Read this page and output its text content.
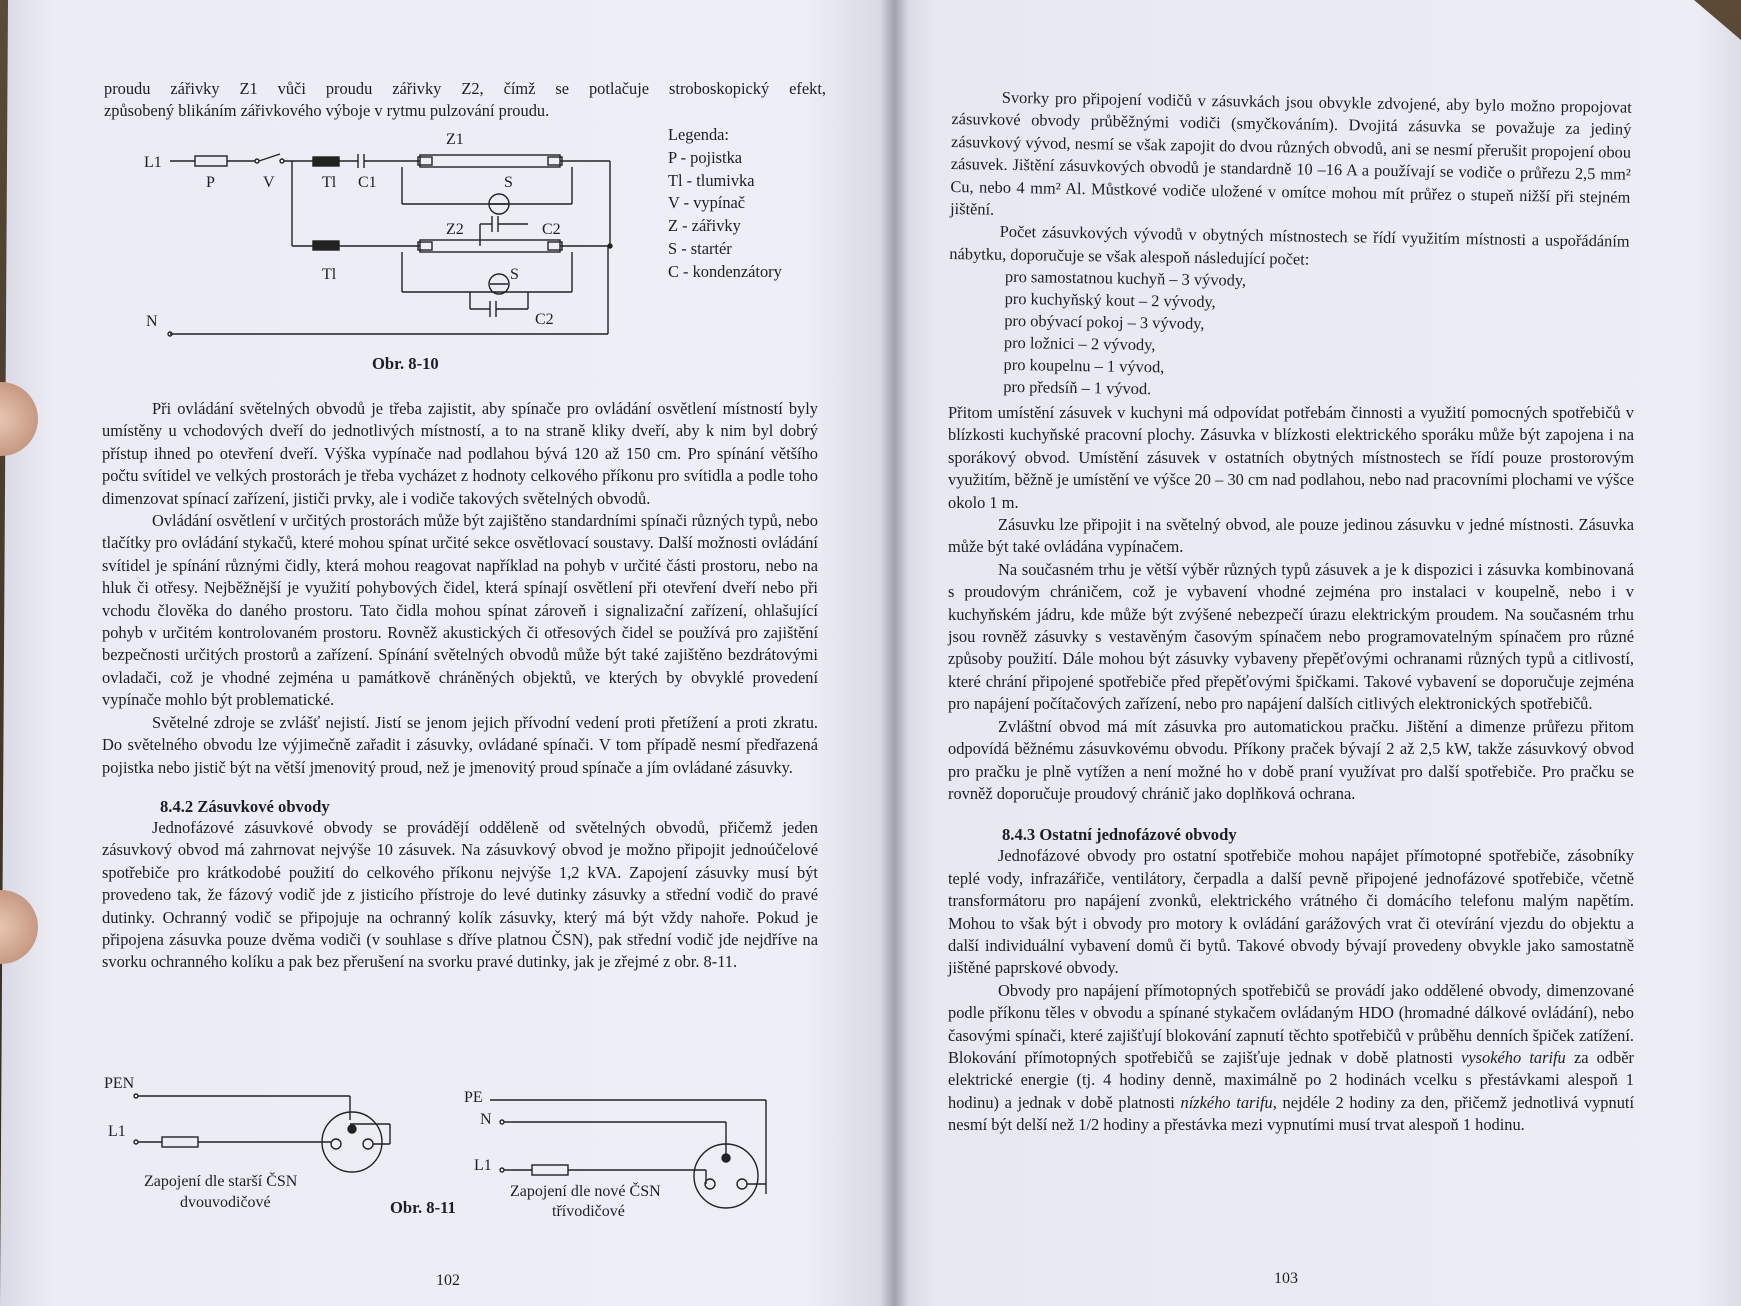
proudu zářivky Z1 vůči proudu zářivky Z2, čímž se potlačuje stroboskopický efekt,

způsobený blikáním zářivkového výboje v rytmu pulzování proudu.

L1
P	V	Tl C1
Z1
S
Z2	C2
Tl	S
C2
N
Legenda:
P - pojistka
Tl - tlumivka
V - vypínač
Z - zářivky
S - startér
C - kondenzátory
Obr. 8-10

Při ovládání světelných obvodů je třeba zajistit, aby spínače pro ovládání osvětlení místností byly umístěny u vchodových dveří do jednotlivých místností, a to na straně kliky dveří, aby k nim byl dobrý přístup ihned po otevření dveří. Výška vypínače nad podlahou bývá 120 až 150 cm. Pro spínání většího počtu svítidel ve velkých prostorách je třeba vycházet z hodnoty celkového příkonu pro svítidla a podle toho dimenzovat spínací zařízení, jističi prvky, ale i vodiče takových světelných obvodů.

Ovládání osvětlení v určitých prostorách může být zajištěno standardními spínači různých typů, nebo tlačítky pro ovládání stykačů, které mohou spínat určité sekce osvětlovací soustavy. Další možnosti ovládání svítidel je spínání různými čidly, která mohou reagovat například na pohyb v určité části prostoru, nebo na hluk či otřesy. Nejběžnější je využití pohybových čidel, která spínají osvětlení při otevření dveří nebo při vchodu člověka do daného prostoru. Tato čidla mohou spínat zároveň i signalizační zařízení, ohlašující pohyb v určitém kontrolovaném prostoru. Rovněž akustických či otřesových čidel se používá pro zajištění bezpečnosti určitých prostorů a zařízení. Spínání světelných obvodů může být také zajištěno bezdrátovými ovladači, což je vhodné zejména u památkově chráněných objektů, ve kterých by obvyklé provedení vypínače mohlo být problematické.

Světelné zdroje se zvlášť nejistí. Jistí se jenom jejich přívodní vedení proti přetížení a proti zkratu. Do světelného obvodu lze výjimečně zařadit i zásuvky, ovládané spínači. V tom případě nesmí předřazená pojistka nebo jistič být na větší jmenovitý proud, než je jmenovitý proud spínače a jím ovládané zásuvky.

8.4.2 Zásuvkové obvody

Jednofázové zásuvkové obvody se provádějí odděleně od světelných obvodů, přičemž jeden zásuvkový obvod má zahrnovat nejvýše 10 zásuvek. Na zásuvkový obvod je možno připojit jednoúčelové spotřebiče pro krátkodobé použití do celkového příkonu nejvýše 1,2 kVA. Zapojení zásuvky musí být provedeno tak, že fázový vodič jde z jisticího přístroje do levé dutinky zásuvky a střední vodič do pravé dutinky. Ochranný vodič se připojuje na ochranný kolík zásuvky, který má být vždy nahoře. Pokud je připojena zásuvka pouze dvěma vodiči (v souhlase s dříve platnou ČSN), pak střední vodič jde nejdříve na svorku ochranného kolíku a pak bez přerušení na svorku pravé dutinky, jak je zřejmé z obr. 8-11.

PEN
L1
Zapojení dle starší ČSN
dvouvodičové	Obr. 8-11
PE
N
L1
Zapojení dle nové ČSN
třívodičové
102

Svorky pro připojení vodičů v zásuvkách jsou obvykle zdvojené, aby bylo možno propojovat zásuvkové obvody průběžnými vodiči (smyčkováním). Dvojitá zásuvka se považuje za jediný zásuvkový vývod, nesmí se však zapojit do dvou různých obvodů, ani se nesmí přerušit propojení obou zásuvek. Jištění zásuvkových obvodů je standardně 10 –16 A a používají se vodiče o průřezu 2,5 mm² Cu, nebo 4 mm² Al. Můstkové vodiče uložené v omítce mohou mít průřez o stupeň nižší při stejném jištění.

Počet zásuvkových vývodů v obytných místnostech se řídí využitím místnosti a uspořádáním nábytku, doporučuje se však alespoň následující počet:

pro samostatnou kuchyň – 3 vývody,

pro kuchyňský kout – 2 vývody,

pro obývací pokoj – 3 vývody,

pro ložnici – 2 vývody,

pro koupelnu – 1 vývod,

pro předsíň – 1 vývod.

Přitom umístění zásuvek v kuchyni má odpovídat potřebám činnosti a využití pomocných spotřebičů v blízkosti kuchyňské pracovní plochy. Zásuvka v blízkosti elektrického sporáku může být zapojena i na sporákový obvod. Umístění zásuvek v ostatních obytných místnostech se řídí pouze prostorovým využitím, běžně je umístění ve výšce 20 – 30 cm nad podlahou, nebo nad pracovními plochami ve výšce okolo 1 m.

Zásuvku lze připojit i na světelný obvod, ale pouze jedinou zásuvku v jedné místnosti. Zásuvka může být také ovládána vypínačem.

Na současném trhu je větší výběr různých typů zásuvek a je k dispozici i zásuvka kombinovaná s proudovým chráničem, což je vybavení vhodné zejména pro instalaci v koupelně, nebo i v kuchyňském jádru, kde může být zvýšené nebezpečí úrazu elektrickým proudem. Na současném trhu jsou rovněž zásuvky s vestavěným časovým spínačem nebo programovatelným spínačem pro různé způsoby použití. Dále mohou být zásuvky vybaveny přepěťovými ochranami různých typů a citlivostí, které chrání připojené spotřebiče před přepěťovými špičkami. Takové vybavení se doporučuje zejména pro napájení počítačových zařízení, nebo pro napájení dalších citlivých elektronických spotřebičů.

Zvláštní obvod má mít zásuvka pro automatickou pračku. Jištění a dimenze průřezu přitom odpovídá běžnému zásuvkovému obvodu. Příkony praček bývají 2 až 2,5 kW, takže zásuvkový obvod pro pračku je plně vytížen a není možné ho v době praní využívat pro další spotřebiče. Pro pračku se rovněž doporučuje proudový chránič jako doplňková ochrana.

8.4.3 Ostatní jednofázové obvody

Jednofázové obvody pro ostatní spotřebiče mohou napájet přímotopné spotřebiče, zásobníky teplé vody, infrazářiče, ventilátory, čerpadla a další pevně připojené jednofázové spotřebiče, včetně transformátoru pro napájení zvonků, elektrického vrátného či domácího telefonu malým napětím. Mohou to však být i obvody pro motory k ovládání garážových vrat či otevírání vjezdu do objektu a další individuální vybavení domů či bytů. Takové obvody bývají provedeny obvykle jako samostatně jištěné paprskové obvody.

Obvody pro napájení přímotopných spotřebičů se provádí jako oddělené obvody, dimenzované podle příkonu těles v obvodu a spínané stykačem ovládaným HDO (hromadné dálkové ovládání), nebo časovými spínači, které zajišťují blokování zapnutí těchto spotřebičů v průběhu denních špiček zatížení. Blokování přímotopných spotřebičů se zajišťuje jednak v době platnosti vysokého tarifu za odběr elektrické energie (tj. 4 hodiny denně, maximálně po 2 hodinách vcelku s přestávkami alespoň 1 hodinu) a jednak v době platnosti nízkého tarifu, nejdéle 2 hodiny za den, přičemž jednotlivá vypnutí nesmí být delší než 1/2 hodiny a přestávka mezi vypnutími musí trvat alespoň 1 hodinu.

103
